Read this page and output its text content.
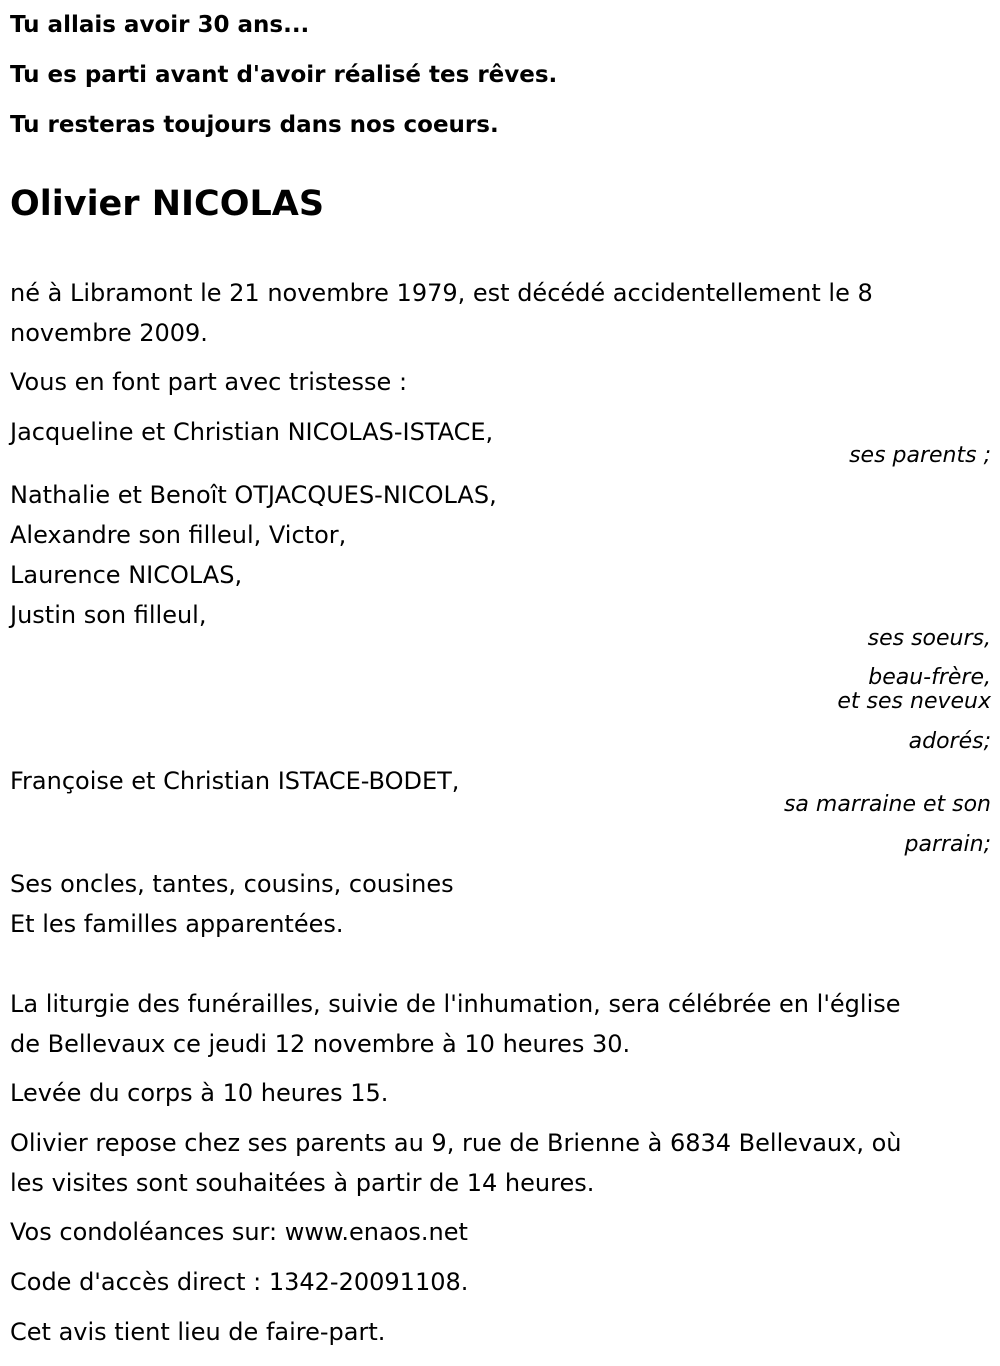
Tu allais avoir 30 ans...

Tu es parti avant d'avoir réalisé tes rêves.

Tu resteras toujours dans nos coeurs.

Olivier NICOLAS

né à Libramont le 21 novembre 1979, est décédé accidentellement le 8

novembre 2009.

Vous en font part avec tristesse :

Jacqueline et Christian NICOLAS-ISTACE,

ses parents ;

Nathalie et Benoît OTJACQUES-NICOLAS,

Alexandre son filleul, Victor,

Laurence NICOLAS,

Justin son filleul,

ses soeurs,

beau-frère,

et ses neveux

adorés;

Françoise et Christian ISTACE-BODET,

sa marraine et son

parrain;

Ses oncles, tantes, cousins, cousines

Et les familles apparentées.

La liturgie des funérailles, suivie de l'inhumation, sera célébrée en l'église

de Bellevaux ce jeudi 12 novembre à 10 heures 30.

Levée du corps à 10 heures 15.

Olivier repose chez ses parents au 9, rue de Brienne à 6834 Bellevaux, où

les visites sont souhaitées à partir de 14 heures.

Vos condoléances sur: www.enaos.net

Code d'accès direct : 1342-20091108.

Cet avis tient lieu de faire-part.
